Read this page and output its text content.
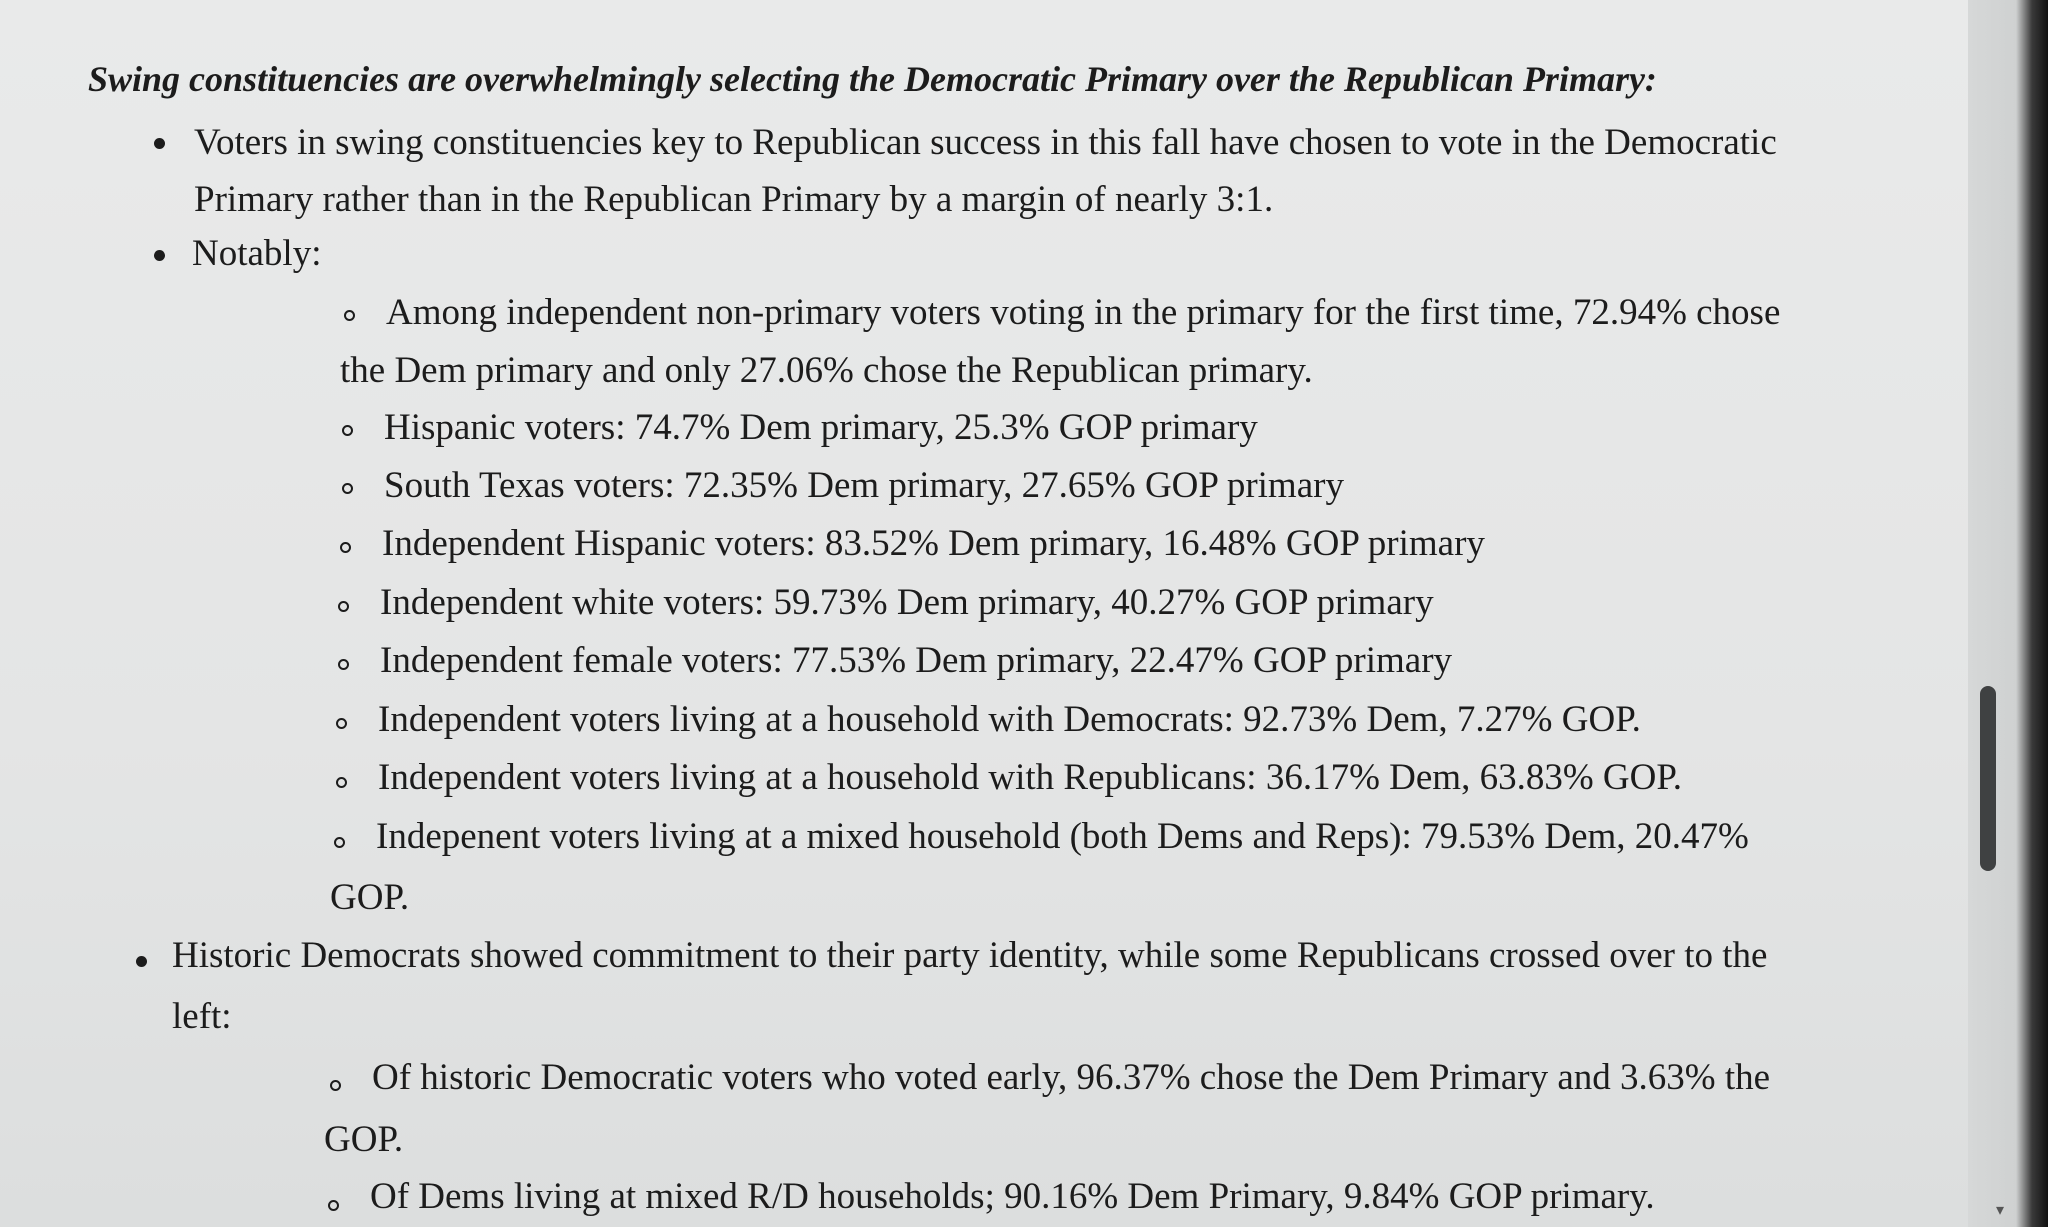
Swing constituencies are overwhelmingly selecting the Democratic Primary over the Republican Primary:
Voters in swing constituencies key to Republican success in this fall have chosen to vote in the Democratic
Primary rather than in the Republican Primary by a margin of nearly 3:1.
Notably:
Among independent non-primary voters voting in the primary for the first time, 72.94% chose
the Dem primary and only 27.06% chose the Republican primary.
Hispanic voters: 74.7% Dem primary, 25.3% GOP primary
South Texas voters: 72.35% Dem primary, 27.65% GOP primary
Independent Hispanic voters: 83.52% Dem primary, 16.48% GOP primary
Independent white voters: 59.73% Dem primary, 40.27% GOP primary
Independent female voters: 77.53% Dem primary, 22.47% GOP primary
Independent voters living at a household with Democrats: 92.73% Dem, 7.27% GOP.
Independent voters living at a household with Republicans: 36.17% Dem, 63.83% GOP.
Indepenent voters living at a mixed household (both Dems and Reps): 79.53% Dem, 20.47%
GOP.
Historic Democrats showed commitment to their party identity, while some Republicans crossed over to the
left:
Of historic Democratic voters who voted early, 96.37% chose the Dem Primary and 3.63% the
GOP.
Of Dems living at mixed R/D households; 90.16% Dem Primary, 9.84% GOP primary.	▾
